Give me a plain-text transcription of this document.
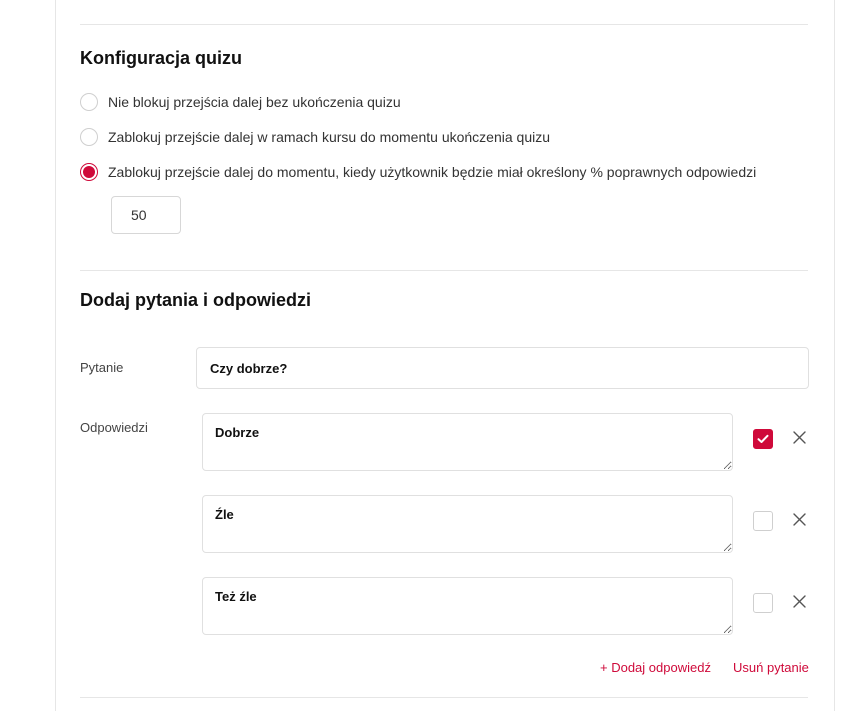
Konfiguracja quizu
Nie blokuj przejścia dalej bez ukończenia quizu
Zablokuj przejście dalej w ramach kursu do momentu ukończenia quizu
Zablokuj przejście dalej do momentu, kiedy użytkownik będzie miał określony % poprawnych odpowiedzi
50
Dodaj pytania i odpowiedzi
Pytanie
Czy dobrze?
Odpowiedzi
Dobrze
Źle
Też źle
+ Dodaj odpowiedź Usuń pytanie
